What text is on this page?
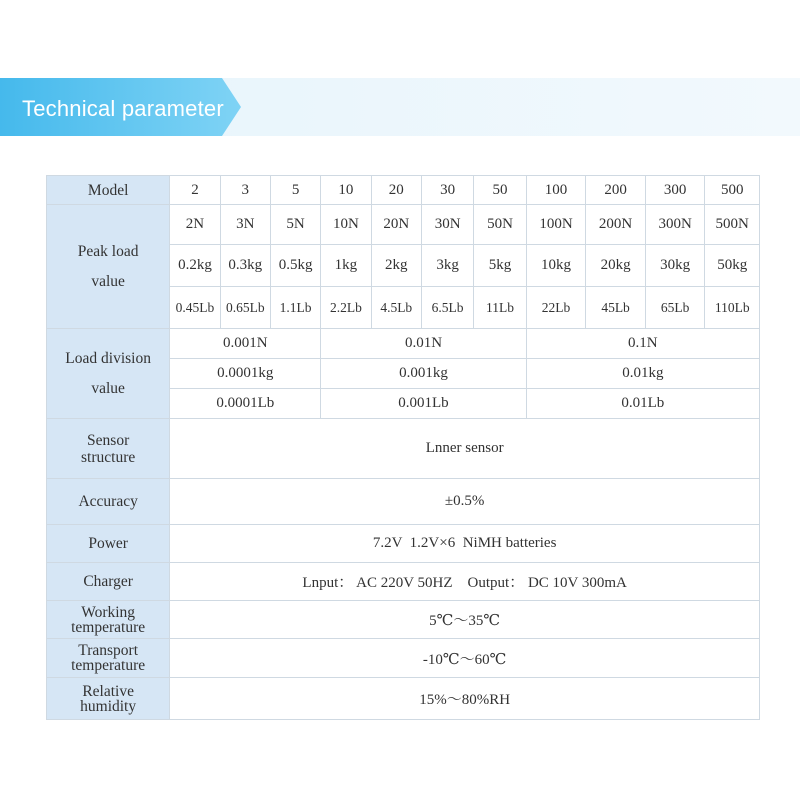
Technical parameter
Model	2	3	5	10	20	30	50	100	200	300	500

Peak load value	2N	3N	5N	10N	20N	30N	50N	100N	200N	300N	500N
	0.2kg	0.3kg	0.5kg	1kg	2kg	3kg	5kg	10kg	20kg	30kg	50kg
	0.45Lb	0.65Lb	1.1Lb	2.2Lb	4.5Lb	6.5Lb	11Lb	22Lb	45Lb	65Lb	110Lb

Load division value	0.001N			0.01N				0.1N			
	0.0001kg			0.001kg				0.01kg			
	0.0001Lb			0.001Lb				0.01Lb			

Sensor structure	Lnner sensor										
Accuracy	±0.5%										
Power	7.2V  1.2V×6  NiMH batteries										
Charger	Lnput： AC 220V 50HZ    Output： DC 10V 300mA										

Working temperature	5℃～35℃										

Transport temperature	-10℃～60℃										

Relative humidity	15%～80%RH										
